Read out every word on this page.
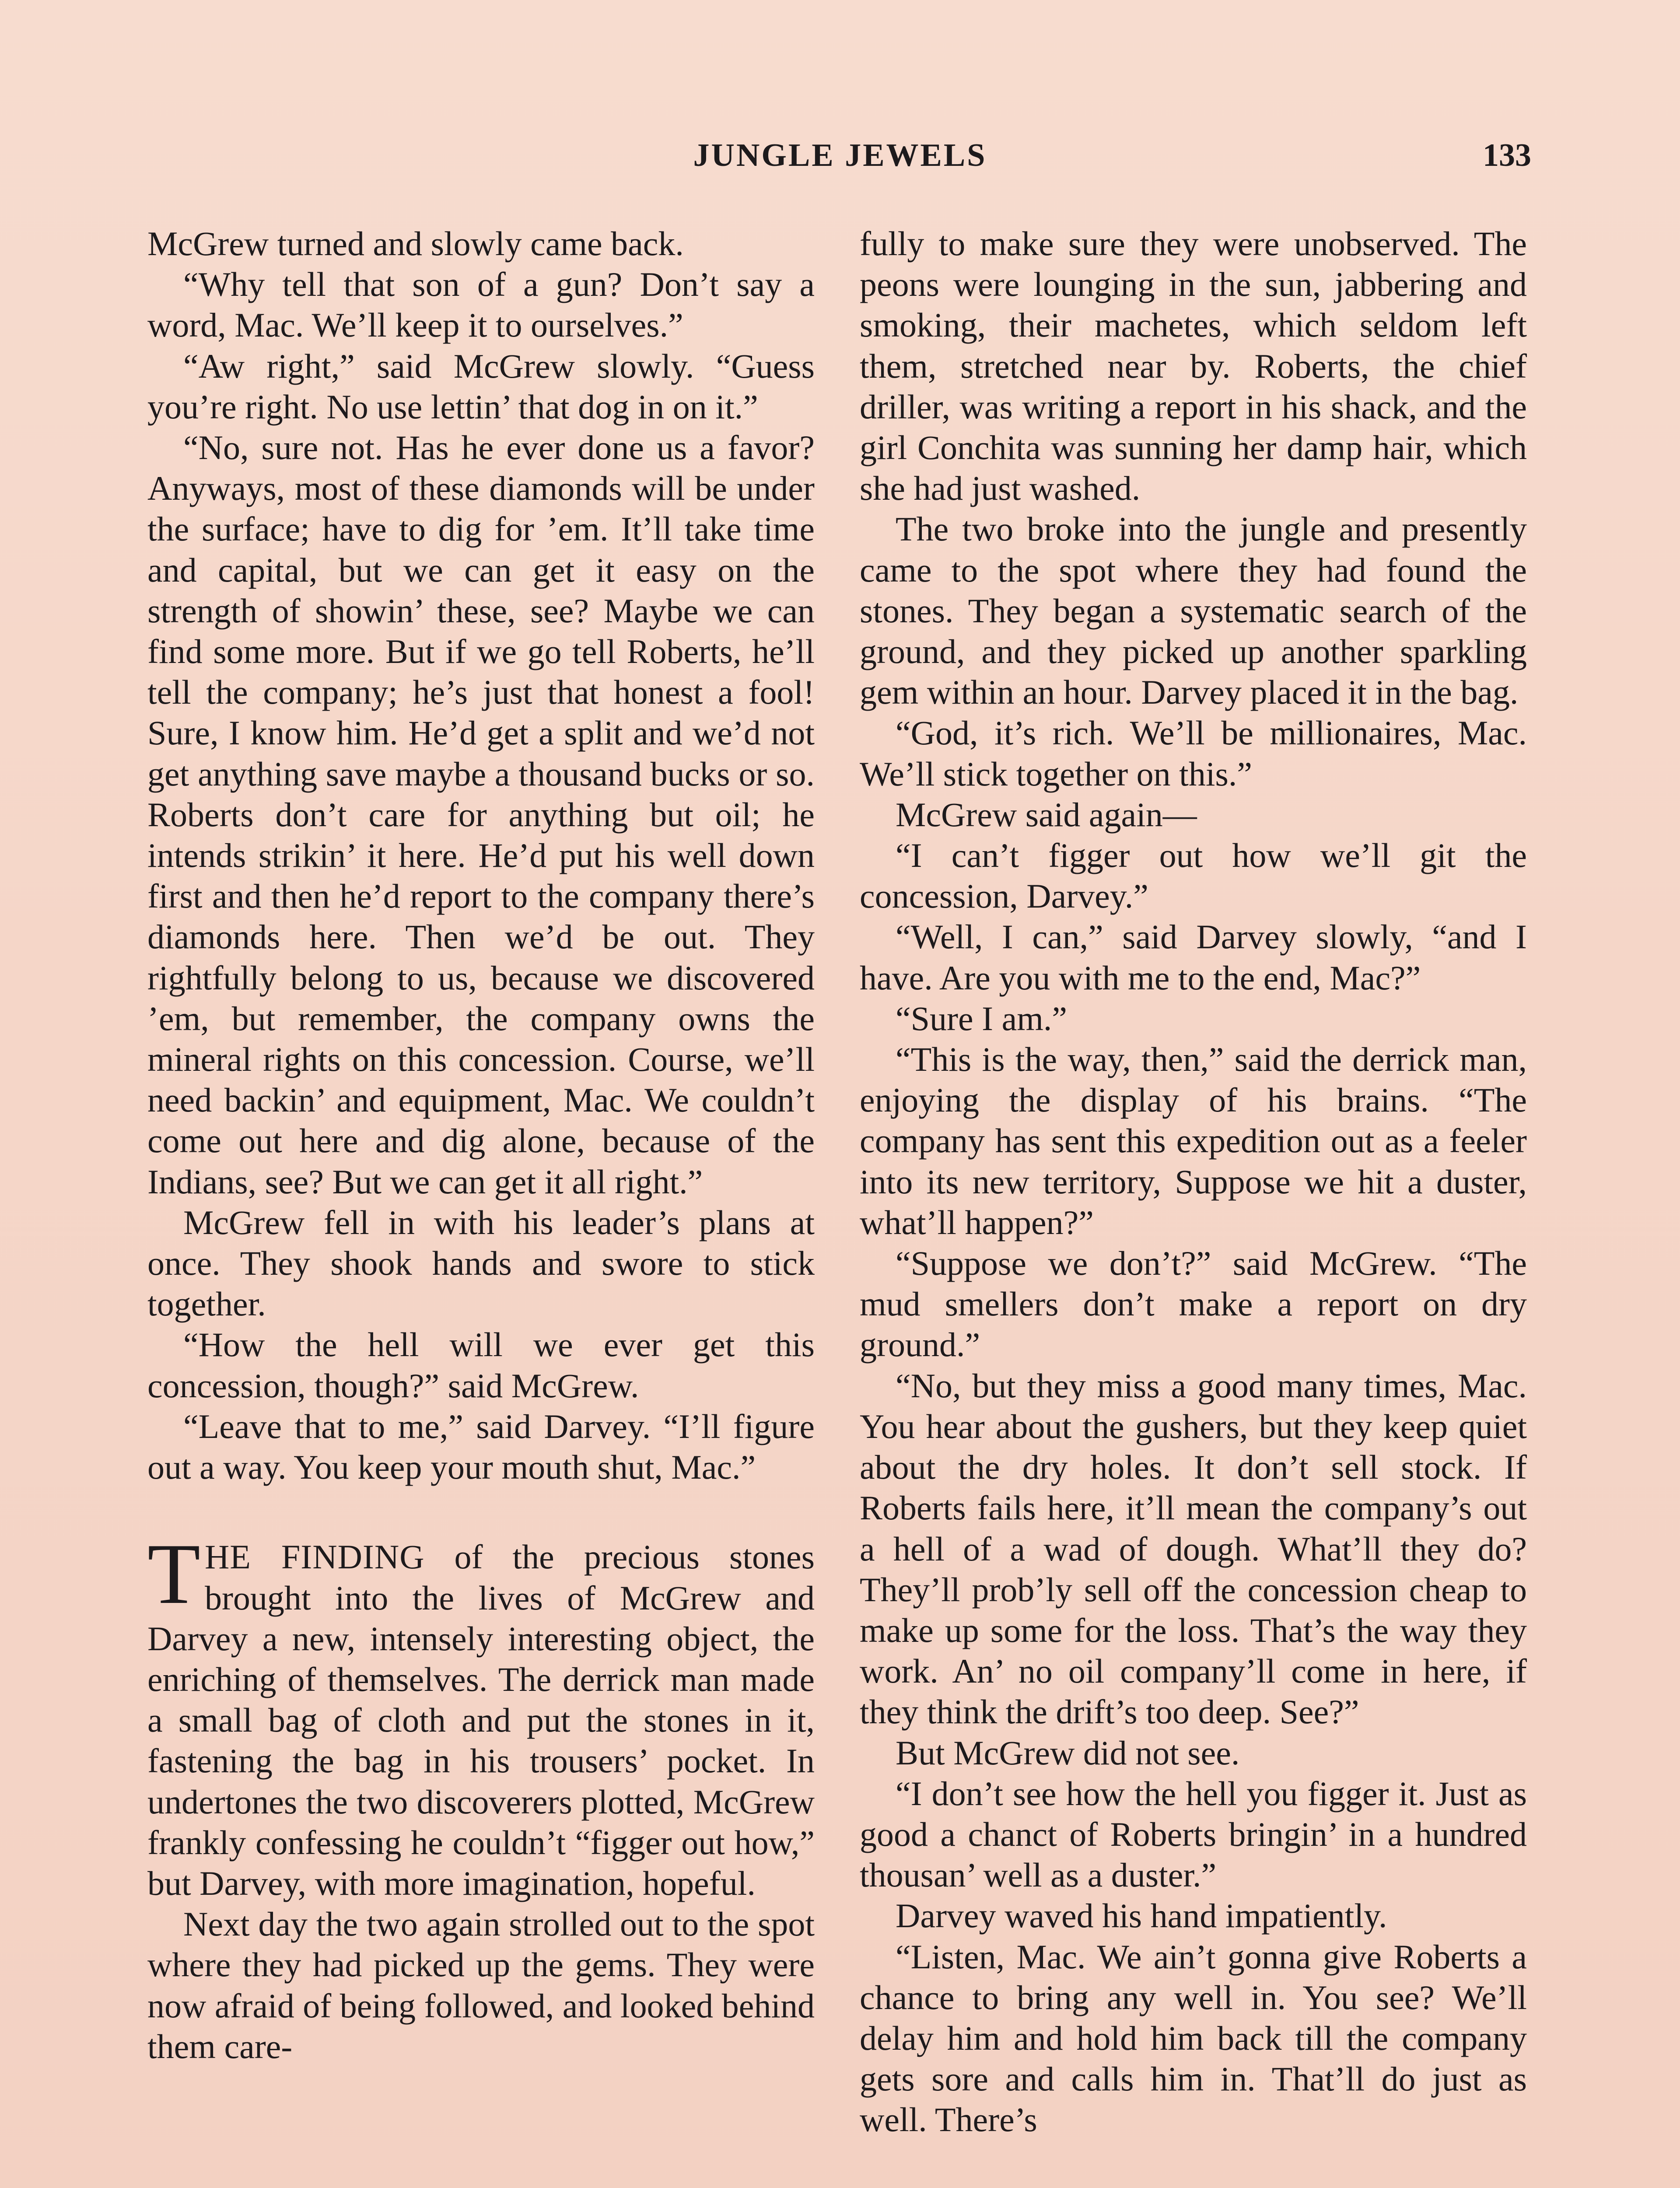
JUNGLE JEWELS	133

McGrew turned and slowly came back.

“Why tell that son of a gun? Don’t say a word, Mac. We’ll keep it to ourselves.”

“Aw right,” said McGrew slowly. “Guess you’re right. No use lettin’ that dog in on it.”

“No, sure not. Has he ever done us a favor? Anyways, most of these diamonds will be under the surface; have to dig for ’em. It’ll take time and capital, but we can get it easy on the strength of showin’ these, see? Maybe we can find some more. But if we go tell Roberts, he’ll tell the company; he’s just that honest a fool! Sure, I know him. He’d get a split and we’d not get anything save maybe a thousand bucks or so. Roberts don’t care for anything but oil; he intends strikin’ it here. He’d put his well down first and then he’d report to the company there’s diamonds here. Then we’d be out. They rightfully belong to us, because we discovered ’em, but remember, the company owns the mineral rights on this concession. Course, we’ll need backin’ and equipment, Mac. We couldn’t come out here and dig alone, because of the Indians, see? But we can get it all right.”

McGrew fell in with his leader’s plans at once. They shook hands and swore to stick together.

“How the hell will we ever get this concession, though?” said McGrew.

“Leave that to me,” said Darvey. “I’ll figure out a way. You keep your mouth shut, Mac.”

THE FINDING of the precious stones brought into the lives of McGrew and Darvey a new, intensely interesting object, the enriching of themselves. The derrick man made a small bag of cloth and put the stones in it, fastening the bag in his trousers’ pocket. In undertones the two discoverers plotted, McGrew frankly confessing he couldn’t “figger out how,” but Darvey, with more imagination, hopeful.

Next day the two again strolled out to the spot where they had picked up the gems. They were now afraid of being followed, and looked behind them care-

fully to make sure they were unobserved. The peons were lounging in the sun, jabbering and smoking, their machetes, which seldom left them, stretched near by. Roberts, the chief driller, was writing a report in his shack, and the girl Conchita was sunning her damp hair, which she had just washed.

The two broke into the jungle and presently came to the spot where they had found the stones. They began a systematic search of the ground, and they picked up another sparkling gem within an hour. Darvey placed it in the bag.

“God, it’s rich. We’ll be millionaires, Mac. We’ll stick together on this.”

McGrew said again—

“I can’t figger out how we’ll git the concession, Darvey.”

“Well, I can,” said Darvey slowly, “and I have. Are you with me to the end, Mac?”

“Sure I am.”

“This is the way, then,” said the derrick man, enjoying the display of his brains. “The company has sent this expedition out as a feeler into its new territory, Suppose we hit a duster, what’ll happen?”

“Suppose we don’t?” said McGrew. “The mud smellers don’t make a report on dry ground.”

“No, but they miss a good many times, Mac. You hear about the gushers, but they keep quiet about the dry holes. It don’t sell stock. If Roberts fails here, it’ll mean the company’s out a hell of a wad of dough. What’ll they do? They’ll prob’ly sell off the concession cheap to make up some for the loss. That’s the way they work. An’ no oil company’ll come in here, if they think the drift’s too deep. See?”

But McGrew did not see.

“I don’t see how the hell you figger it. Just as good a chanct of Roberts bringin’ in a hundred thousan’ well as a duster.”

Darvey waved his hand impatiently.

“Listen, Mac. We ain’t gonna give Roberts a chance to bring any well in. You see? We’ll delay him and hold him back till the company gets sore and calls him in. That’ll do just as well. There’s
